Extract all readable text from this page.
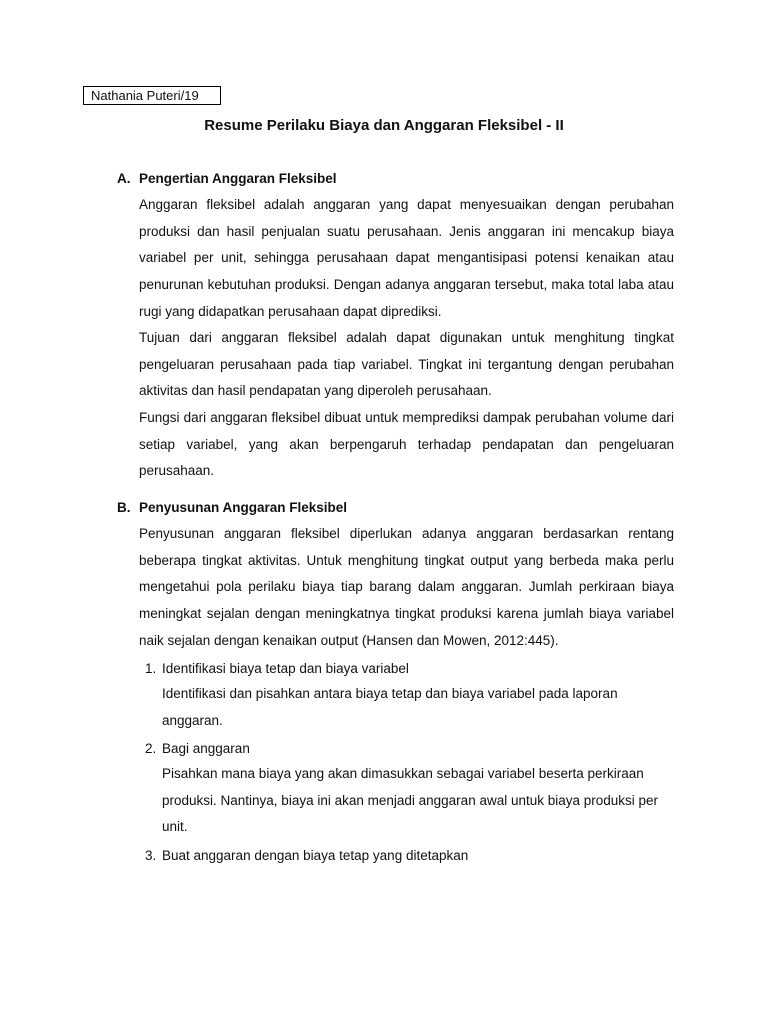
Nathania Puteri/19
Resume Perilaku Biaya dan Anggaran Fleksibel - II
A. Pengertian Anggaran Fleksibel

Anggaran fleksibel adalah anggaran yang dapat menyesuaikan dengan perubahan produksi dan hasil penjualan suatu perusahaan. Jenis anggaran ini mencakup biaya variabel per unit, sehingga perusahaan dapat mengantisipasi potensi kenaikan atau penurunan kebutuhan produksi. Dengan adanya anggaran tersebut, maka total laba atau rugi yang didapatkan perusahaan dapat diprediksi.

Tujuan dari anggaran fleksibel adalah dapat digunakan untuk menghitung tingkat pengeluaran perusahaan pada tiap variabel. Tingkat ini tergantung dengan perubahan aktivitas dan hasil pendapatan yang diperoleh perusahaan.

Fungsi dari anggaran fleksibel dibuat untuk memprediksi dampak perubahan volume dari setiap variabel, yang akan berpengaruh terhadap pendapatan dan pengeluaran perusahaan.

B. Penyusunan Anggaran Fleksibel

Penyusunan anggaran fleksibel diperlukan adanya anggaran berdasarkan rentang beberapa tingkat aktivitas. Untuk menghitung tingkat output yang berbeda maka perlu mengetahui pola perilaku biaya tiap barang dalam anggaran. Jumlah perkiraan biaya meningkat sejalan dengan meningkatnya tingkat produksi karena jumlah biaya variabel naik sejalan dengan kenaikan output (Hansen dan Mowen, 2012:445).

1. Identifikasi biaya tetap dan biaya variabel

Identifikasi dan pisahkan antara biaya tetap dan biaya variabel pada laporan anggaran.

2. Bagi anggaran

Pisahkan mana biaya yang akan dimasukkan sebagai variabel beserta perkiraan produksi. Nantinya, biaya ini akan menjadi anggaran awal untuk biaya produksi per unit.

3. Buat anggaran dengan biaya tetap yang ditetapkan
